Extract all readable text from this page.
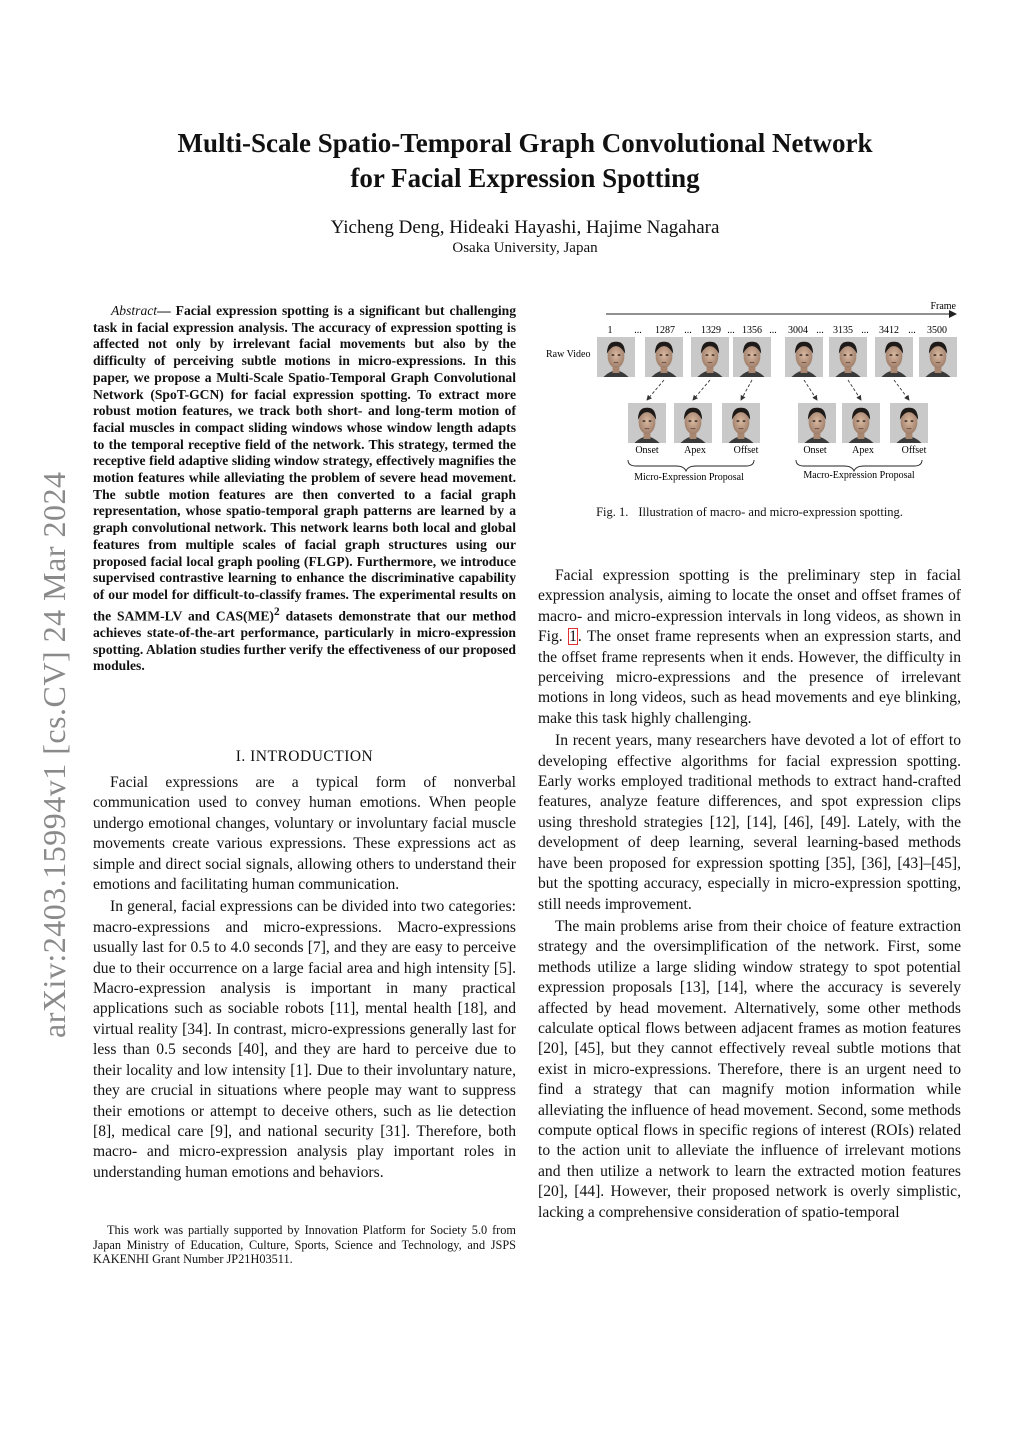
arXiv:2403.15994v1 [cs.CV] 24 Mar 2024
Multi-Scale Spatio-Temporal Graph Convolutional Network
for Facial Expression Spotting
Yicheng Deng, Hideaki Hayashi, Hajime Nagahara
Osaka University, Japan
Abstract— Facial expression spotting is a significant but challenging task in facial expression analysis. The accuracy of expression spotting is affected not only by irrelevant facial movements but also by the difficulty of perceiving subtle motions in micro-expressions. In this paper, we propose a Multi-Scale Spatio-Temporal Graph Convolutional Network (SpoT-GCN) for facial expression spotting. To extract more robust motion features, we track both short- and long-term motion of facial muscles in compact sliding windows whose window length adapts to the temporal receptive field of the network. This strategy, termed the receptive field adaptive sliding window strategy, effectively magnifies the motion features while alleviating the problem of severe head movement. The subtle motion features are then converted to a facial graph representation, whose spatio-temporal graph patterns are learned by a graph convolutional network. This network learns both local and global features from multiple scales of facial graph structures using our proposed facial local graph pooling (FLGP). Furthermore, we introduce supervised contrastive learning to enhance the discriminative capability of our model for difficult-to-classify frames. The experimental results on the SAMM-LV and CAS(ME)$^2$ datasets demonstrate that our method achieves state-of-the-art performance, particularly in micro-expression spotting. Ablation studies further verify the effectiveness of our proposed modules.
I. INTRODUCTION

Facial expressions are a typical form of nonverbal communication used to convey human emotions. When people undergo emotional changes, voluntary or involuntary facial muscle movements create various expressions. These expressions act as simple and direct social signals, allowing others to understand their emotions and facilitating human communication.

In general, facial expressions can be divided into two categories: macro-expressions and micro-expressions. Macro-expressions usually last for 0.5 to 4.0 seconds [7], and they are easy to perceive due to their occurrence on a large facial area and high intensity [5]. Macro-expression analysis is important in many practical applications such as sociable robots [11], mental health [18], and virtual reality [34]. In contrast, micro-expressions generally last for less than 0.5 seconds [40], and they are hard to perceive due to their locality and low intensity [1]. Due to their involuntary nature, they are crucial in situations where people may want to suppress their emotions or attempt to deceive others, such as lie detection [8], medical care [9], and national security [31]. Therefore, both macro- and micro-expression analysis play important roles in understanding human emotions and behaviors.

This work was partially supported by Innovation Platform for Society 5.0 from Japan Ministry of Education, Culture, Sports, Science and Technology, and JSPS KAKENHI Grant Number JP21H03511.
Frame
1 ... 1287 ... 1329 ... 1356 ... 3004 ... 3135 ... 3412 ... 3500
Raw Video
Onset	Apex	Offset	Onset	Apex	Offset
Micro-Expression Proposal	Macro-Expression Proposal
Fig. 1. Illustration of macro- and micro-expression spotting.

Facial expression spotting is the preliminary step in facial expression analysis, aiming to locate the onset and offset frames of macro- and micro-expression intervals in long videos, as shown in Fig. 1. The onset frame represents when an expression starts, and the offset frame represents when it ends. However, the difficulty in perceiving micro-expressions and the presence of irrelevant motions in long videos, such as head movements and eye blinking, make this task highly challenging.

In recent years, many researchers have devoted a lot of effort to developing effective algorithms for facial expression spotting. Early works employed traditional methods to extract hand-crafted features, analyze feature differences, and spot expression clips using threshold strategies [12], [14], [46], [49]. Lately, with the development of deep learning, several learning-based methods have been proposed for expression spotting [35], [36], [43]–[45], but the spotting accuracy, especially in micro-expression spotting, still needs improvement.

The main problems arise from their choice of feature extraction strategy and the oversimplification of the network. First, some methods utilize a large sliding window strategy to spot potential expression proposals [13], [14], where the accuracy is severely affected by head movement. Alternatively, some other methods calculate optical flows between adjacent frames as motion features [20], [45], but they cannot effectively reveal subtle motions that exist in micro-expressions. Therefore, there is an urgent need to find a strategy that can magnify motion information while alleviating the influence of head movement. Second, some methods compute optical flows in specific regions of interest (ROIs) related to the action unit to alleviate the influence of irrelevant motions and then utilize a network to learn the extracted motion features [20], [44]. However, their proposed network is overly simplistic, lacking a comprehensive consideration of spatio-temporal
